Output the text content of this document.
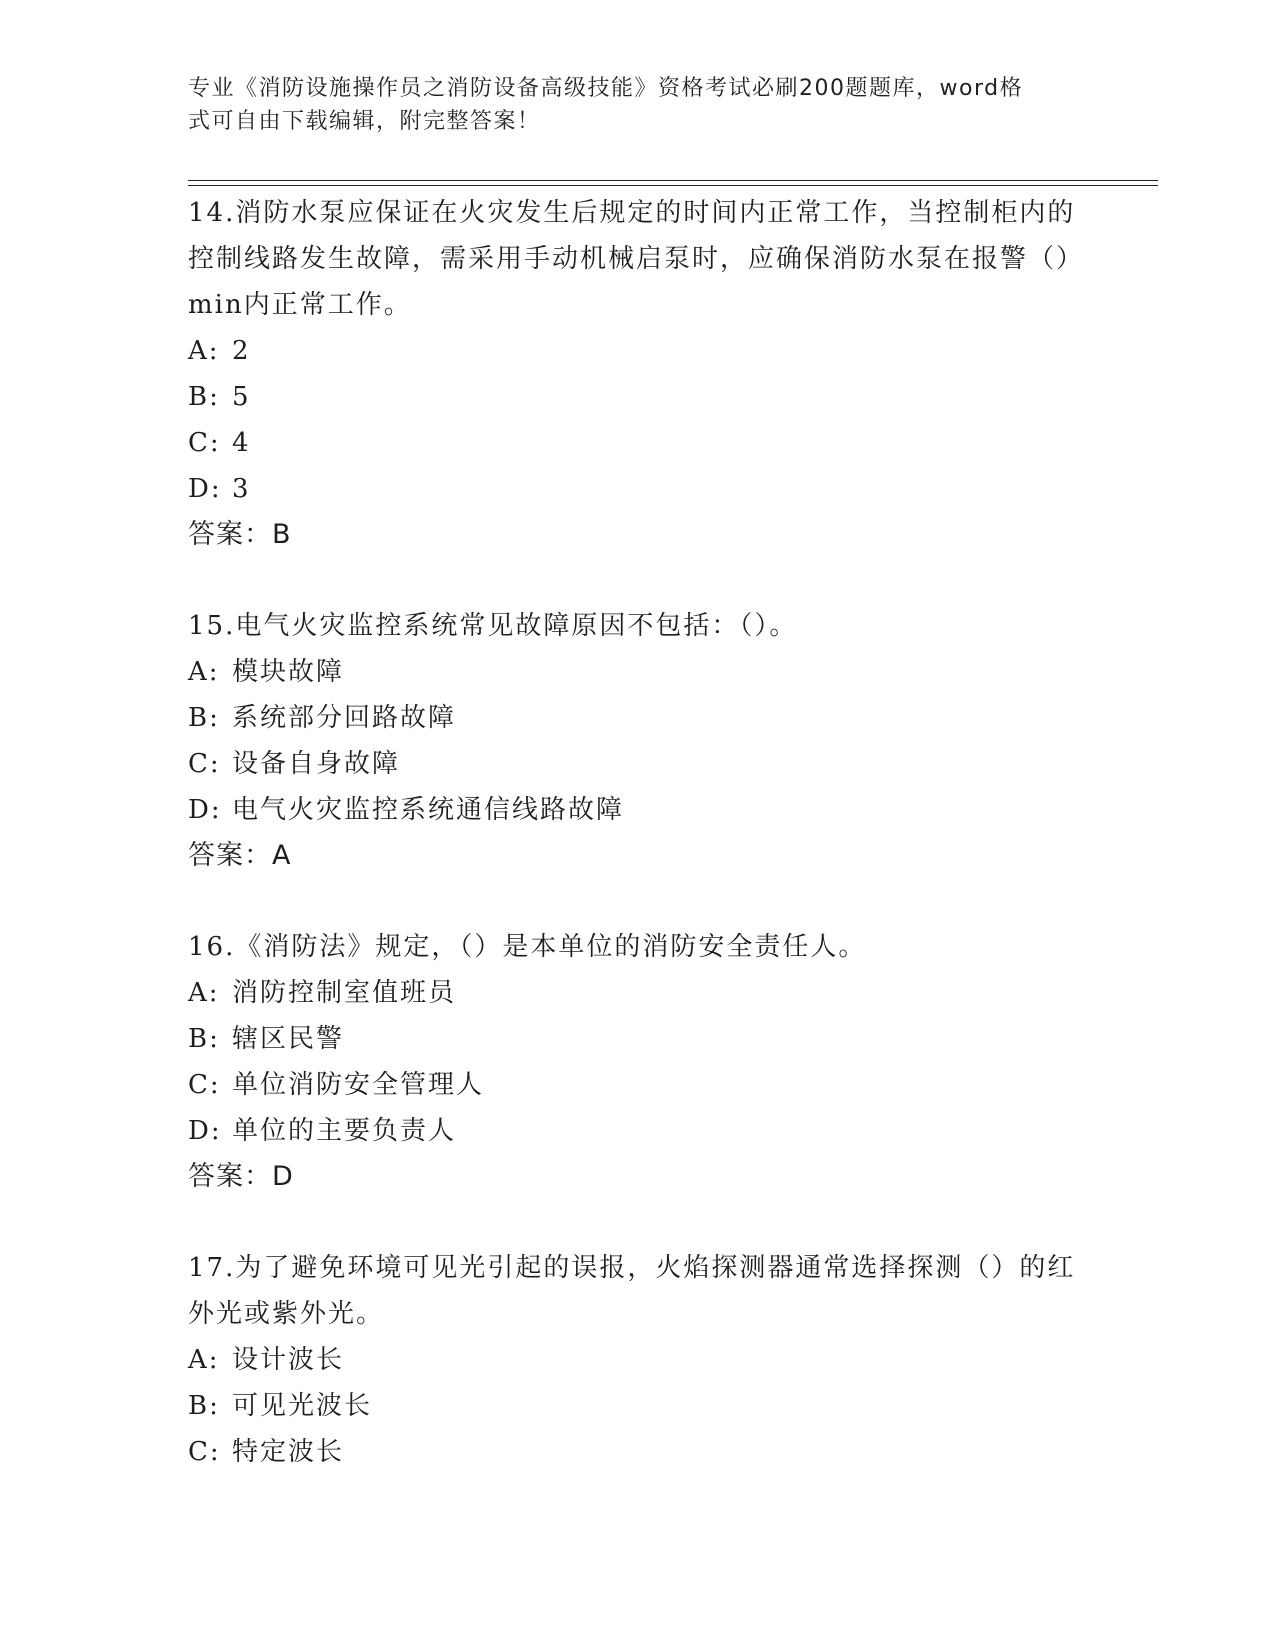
专业《消防设施操作员之消防设备高级技能》资格考试必刷200题题库，word格
式可自由下载编辑，附完整答案！

14.消防水泵应保证在火灾发生后规定的时间内正常工作，当控制柜内的控制线路发生故障，需采用手动机械启泵时，应确保消防水泵在报警（）min内正常工作。

A: 2

B: 5

C: 4

D: 3

答案：B

15.电气火灾监控系统常见故障原因不包括：（）。

A: 模块故障

B: 系统部分回路故障

C: 设备自身故障

D: 电气火灾监控系统通信线路故障

答案：A

16.《消防法》规定，（）是本单位的消防安全责任人。

A: 消防控制室值班员

B: 辖区民警

C: 单位消防安全管理人

D: 单位的主要负责人

答案：D

17.为了避免环境可见光引起的误报，火焰探测器通常选择探测（）的红外光或紫外光。

A: 设计波长

B: 可见光波长

C: 特定波长
